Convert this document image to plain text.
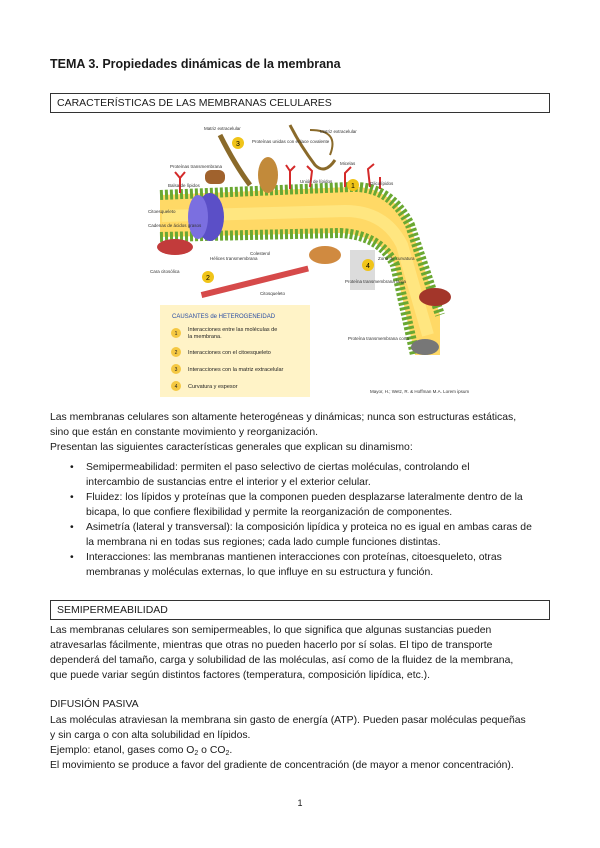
TEMA 3. Propiedades dinámicas de la membrana
CARACTERÍSTICAS DE LAS MEMBRANAS CELULARES
3
1
2
4
Matriz extracelular
Proteínas unidas con enlace covalente
Matriz extracelular
Proteínas transmembrana
Balsa de lípidos	Glicolípidos
Micelas
Unión de lípidos
Citoesqueleto
Cadenas de ácidos grasos
Hélices transmembrana
Colesterol
Cara citosólica
Citosqueleto
Zona de curvatura
Proteína transmembrana larga
Proteína transmembrana corta
Mayor, H.; Wetz, R. & Hoffman M.A. Lorem ipsum
CAUSANTES de HETEROGENEIDAD
1
Interacciones entre las moléculas de
la membrana.
2 Interacciones con el citoesqueleto
3 Interacciones con la matriz extracelular
4 Curvatura y espesor

Las membranas celulares son altamente heterogéneas y dinámicas; nunca son estructuras estáticas,

sino que están en constante movimiento y reorganización.

Presentan las siguientes características generales que explican su dinamismo:

• Semipermeabilidad: permiten el paso selectivo de ciertas moléculas, controlando el
intercambio de sustancias entre el interior y el exterior celular.
• Fluidez: los lípidos y proteínas que la componen pueden desplazarse lateralmente dentro de la
bicapa, lo que confiere flexibilidad y permite la reorganización de componentes.
• Asimetría (lateral y transversal): la composición lipídica y proteica no es igual en ambas caras de
la membrana ni en todas sus regiones; cada lado cumple funciones distintas.
• Interacciones: las membranas mantienen interacciones con proteínas, citoesqueleto, otras
membranas y moléculas externas, lo que influye en su estructura y función.
SEMIPERMEABILIDAD

Las membranas celulares son semipermeables, lo que significa que algunas sustancias pueden

atravesarlas fácilmente, mientras que otras no pueden hacerlo por sí solas. El tipo de transporte

dependerá del tamaño, carga y solubilidad de las moléculas, así como de la fluidez de la membrana,

que puede variar según distintos factores (temperatura, composición lipídica, etc.).

DIFUSIÓN PASIVA

Las moléculas atraviesan la membrana sin gasto de energía (ATP). Pueden pasar moléculas pequeñas

y sin carga o con alta solubilidad en lípidos.

Ejemplo: etanol, gases como $O_2$ o $CO_2$.

El movimiento se produce a favor del gradiente de concentración (de mayor a menor concentración).

1
